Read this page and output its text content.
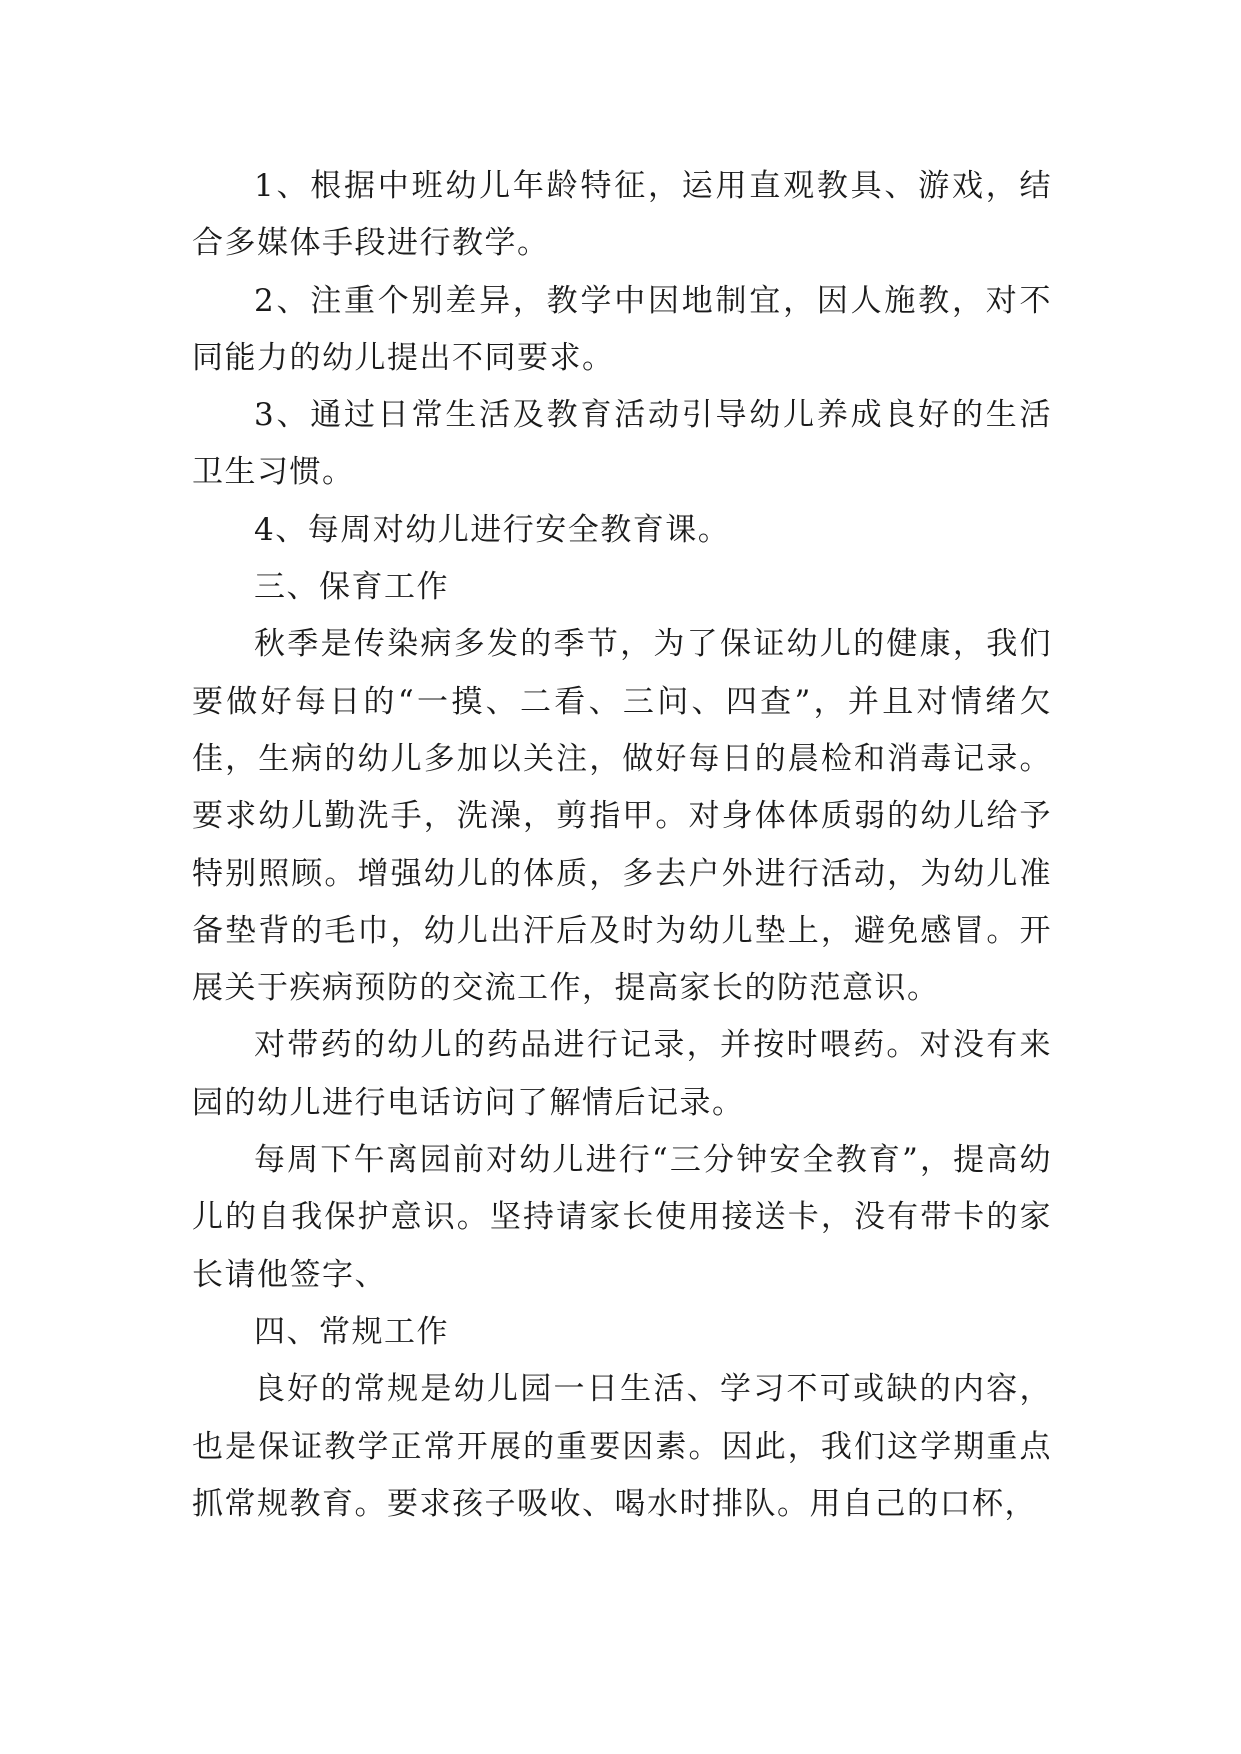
1、根据中班幼儿年龄特征，运用直观教具、游戏，结合多媒体手段进行教学。

2、注重个别差异，教学中因地制宜，因人施教，对不同能力的幼儿提出不同要求。

3、通过日常生活及教育活动引导幼儿养成良好的生活卫生习惯。

4、每周对幼儿进行安全教育课。

三、保育工作

秋季是传染病多发的季节，为了保证幼儿的健康，我们要做好每日的“一摸、二看、三问、四查”，并且对情绪欠佳，生病的幼儿多加以关注，做好每日的晨检和消毒记录。要求幼儿勤洗手，洗澡，剪指甲。对身体体质弱的幼儿给予特别照顾。增强幼儿的体质，多去户外进行活动，为幼儿准备垫背的毛巾，幼儿出汗后及时为幼儿垫上，避免感冒。开展关于疾病预防的交流工作，提高家长的防范意识。

对带药的幼儿的药品进行记录，并按时喂药。对没有来园的幼儿进行电话访问了解情后记录。

每周下午离园前对幼儿进行“三分钟安全教育”，提高幼儿的自我保护意识。坚持请家长使用接送卡，没有带卡的家长请他签字、

四、常规工作

良好的常规是幼儿园一日生活、学习不可或缺的内容，也是保证教学正常开展的重要因素。因此，我们这学期重点抓常规教育。要求孩子吸收、喝水时排队。用自己的口杯，
